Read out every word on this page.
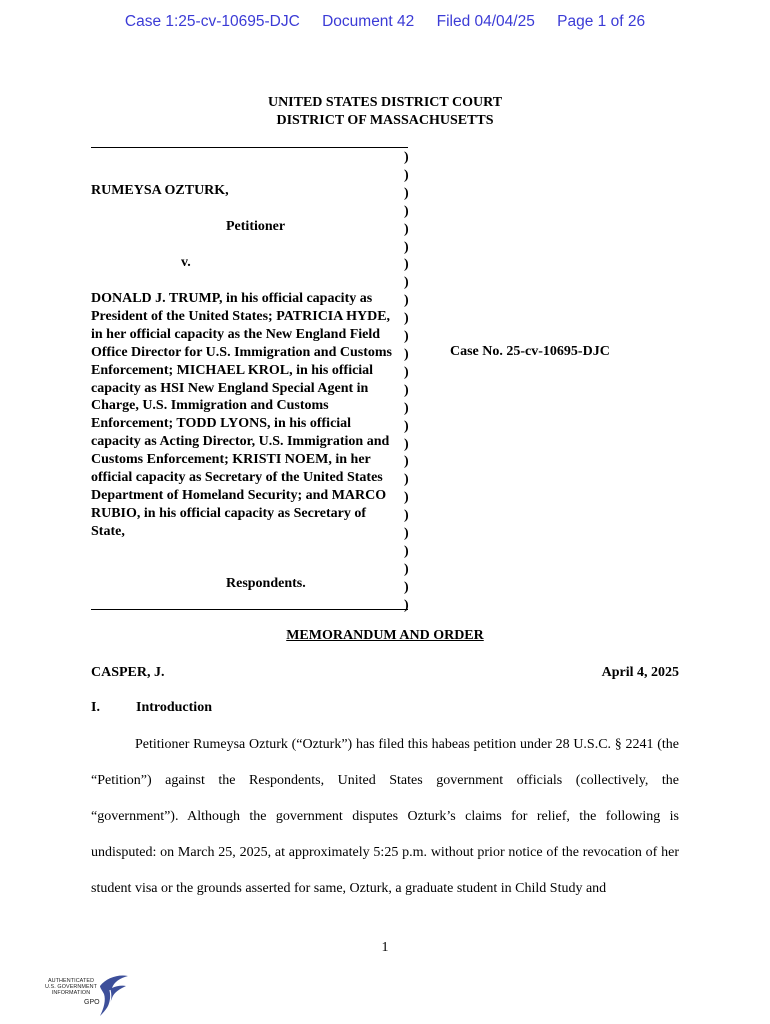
Case 1:25-cv-10695-DJC Document 42 Filed 04/04/25 Page 1 of 26
UNITED STATES DISTRICT COURT
DISTRICT OF MASSACHUSETTS
)
)
)
)
)
)
)
)
)
)
)
)
)
)
)
)
)
)
)
)
)
)
)
)
)
)
RUMEYSA OZTURK,
Petitioner
v.
DONALD J. TRUMP, in his official capacity as President of the United States; PATRICIA HYDE, in her official capacity as the New England Field Office Director for U.S. Immigration and Customs Enforcement; MICHAEL KROL, in his official capacity as HSI New England Special Agent in Charge, U.S. Immigration and Customs Enforcement; TODD LYONS, in his official capacity as Acting Director, U.S. Immigration and Customs Enforcement; KRISTI NOEM, in her official capacity as Secretary of the United States Department of Homeland Security; and MARCO RUBIO, in his official capacity as Secretary of State,
Respondents.
Case No. 25-cv-10695-DJC
MEMORANDUM AND ORDER
CASPER, J.	April 4, 2025
I.	Introduction
Petitioner Rumeysa Ozturk (“Ozturk”) has filed this habeas petition under 28 U.S.C. § 2241 (the “Petition”) against the Respondents, United States government officials (collectively, the “government”). Although the government disputes Ozturk’s claims for relief, the following is undisputed: on March 25, 2025, at approximately 5:25 p.m. without prior notice of the revocation of her student visa or the grounds asserted for same, Ozturk, a graduate student in Child Study and
1
AUTHENTICATED
U.S. GOVERNMENT
INFORMATION
GPO
